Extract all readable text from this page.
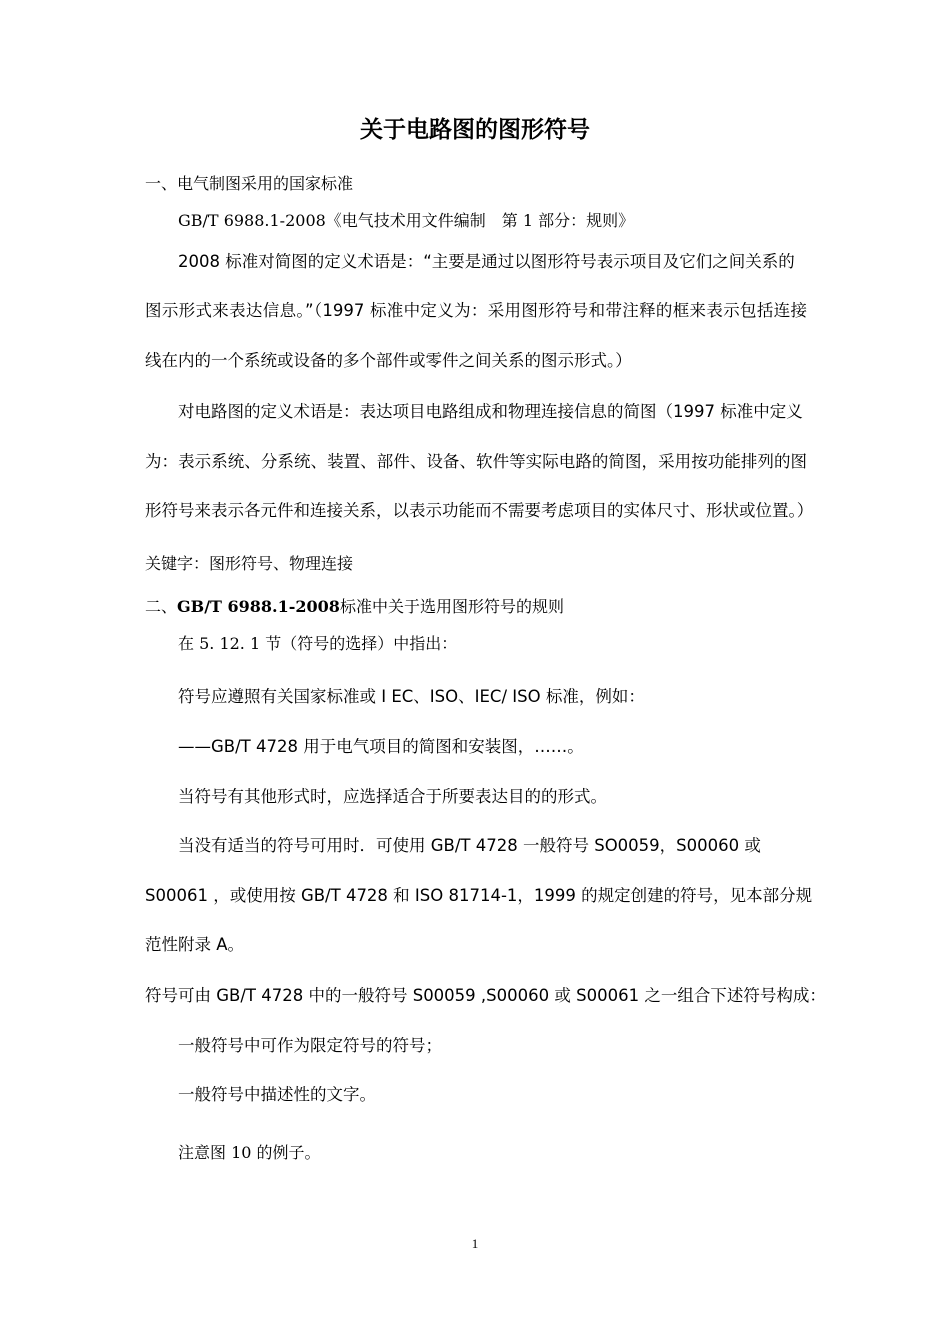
关于电路图的图形符号
一、电气制图采用的国家标准
GB/T 6988.1-2008《电气技术用文件编制　第 1 部分：规则》
2008 标准对简图的定义术语是：“主要是通过以图形符号表示项目及它们之间关系的
图示形式来表达信息。”（1997 标准中定义为：采用图形符号和带注释的框来表示包括连接
线在内的一个系统或设备的多个部件或零件之间关系的图示形式。）
对电路图的定义术语是：表达项目电路组成和物理连接信息的简图（1997 标准中定义
为：表示系统、分系统、装置、部件、设备、软件等实际电路的简图，采用按功能排列的图
形符号来表示各元件和连接关系，以表示功能而不需要考虑项目的实体尺寸、形状或位置。）
关键字：图形符号、物理连接
二、GB/T 6988.1-2008标准中关于选用图形符号的规则
在 5. 12. 1 节（符号的选择）中指出：
符号应遵照有关国家标准或 I EC、ISO、IEC/ ISO 标准，例如：
——GB/T 4728 用于电气项目的简图和安装图，……。
当符号有其他形式时，应选择适合于所要表达目的的形式。
当没有适当的符号可用时．可使用 GB/T 4728 一般符号 SO0059，S00060 或
S00061 ，或使用按 GB/T 4728 和 ISO 81714-1，1999 的规定创建的符号，见本部分规
范性附录 A。
符号可由 GB/T 4728 中的一般符号 S00059 ,S00060 或 S00061 之一组合下述符号构成：
一般符号中可作为限定符号的符号；
一般符号中描述性的文字。
注意图 10 的例子。
1
